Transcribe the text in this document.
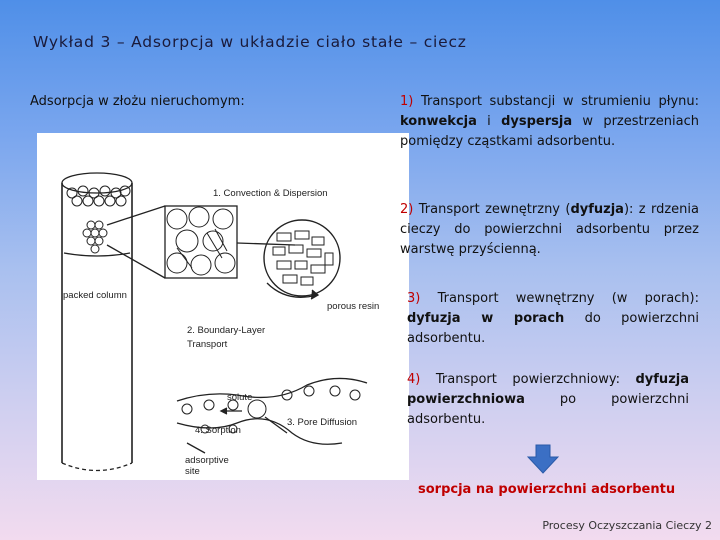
Wykład 3 – Adsorpcja w układzie ciało stałe – ciecz
Adsorpcja w złożu nieruchomym:
1. Convection & Dispersion
packed column
porous resin
2. Boundary-Layer
Transport
solute
4. Sorption
3. Pore Diffusion
adsorptive
site
1) Transport substancji w strumieniu płynu: konwekcja i dyspersja w przestrzeniach pomiędzy cząstkami adsorbentu.
2) Transport zewnętrzny (dyfuzja): z rdzenia cieczy do powierzchni adsorbentu przez warstwę przyścienną.
3) Transport wewnętrzny (w porach): dyfuzja w porach do powierzchni adsorbentu.
4) Transport powierzchniowy: dyfuzja powierzchniowa po powierzchni adsorbentu.
sorpcja na powierzchni adsorbentu
Procesy Oczyszczania Cieczy 2
